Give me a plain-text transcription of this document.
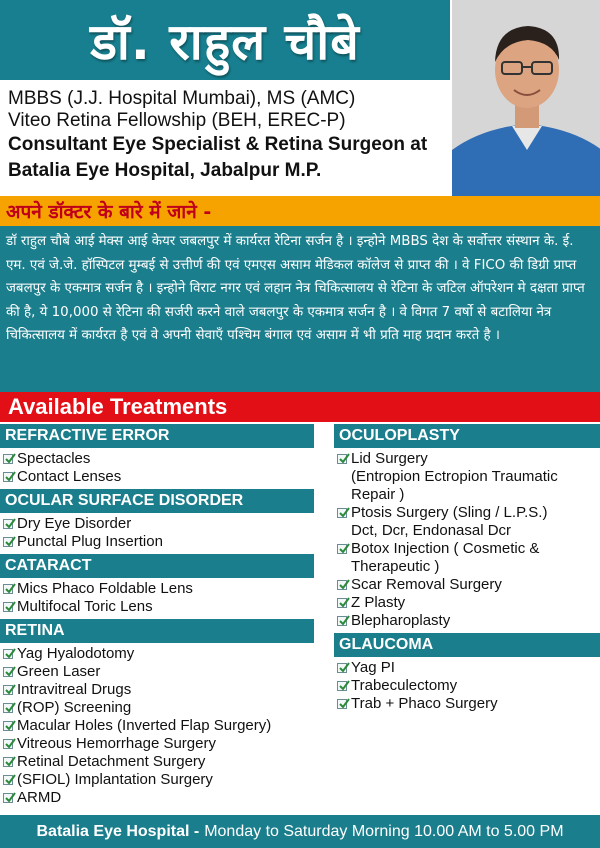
डॉ. राहुल चौबे
MBBS (J.J. Hospital Mumbai), MS (AMC)
Viteo Retina Fellowship (BEH, EREC-P)
Consultant Eye Specialist & Retina Surgeon at
Batalia Eye Hospital, Jabalpur M.P.
अपने डॉक्टर के बारे में जाने -
डॉ राहुल चौबे आई मेक्स आई केयर जबलपुर में कार्यरत रेटिना सर्जन है । इन्होने MBBS देश के सर्वोत्तर संस्थान के. ई. एम. एवं जे.जे. हॉस्पिटल मुम्बई से उत्तीर्ण की एवं एमएस असाम मेडिकल कॉलेज से प्राप्त की । वे FICO की डिग्री प्राप्त जबलपुर के एकमात्र सर्जन है । इन्होने विराट नगर एवं लहान नेत्र चिकित्सालय से रेटिना के जटिल ऑपरेशन मे दक्षता प्राप्त की है, ये 10,000 से रेटिना की सर्जरी करने वाले जबलपुर के एकमात्र सर्जन है । वे विगत 7 वर्षो से बटालिया नेत्र चिकित्सालय में कार्यरत है एवं वे अपनी सेवाएँ पश्चिम बंगाल एवं असाम में भी प्रति माह प्रदान करते है ।
Available Treatments
REFRACTIVE ERROR
Spectacles
Contact Lenses
OCULAR SURFACE DISORDER
Dry Eye Disorder
Punctal Plug Insertion
CATARACT
Mics Phaco Foldable Lens
Multifocal Toric Lens
RETINA
Yag Hyalodotomy
Green Laser
Intravitreal Drugs
(ROP) Screening
Macular Holes (Inverted Flap Surgery)
Vitreous Hemorrhage Surgery
Retinal Detachment Surgery
(SFIOL) Implantation Surgery
ARMD
OCULOPLASTY
Lid Surgery
(Entropion Ectropion Traumatic
Repair )
Ptosis Surgery (Sling / L.P.S.)
Dct, Dcr, Endonasal Dcr
Botox Injection ( Cosmetic &
Therapeutic )
Scar Removal Surgery
Z Plasty
Blepharoplasty
GLAUCOMA
Yag PI
Trabeculectomy
Trab + Phaco Surgery
Batalia Eye Hospital - Monday to Saturday Morning 10.00 AM to 5.00 PM
